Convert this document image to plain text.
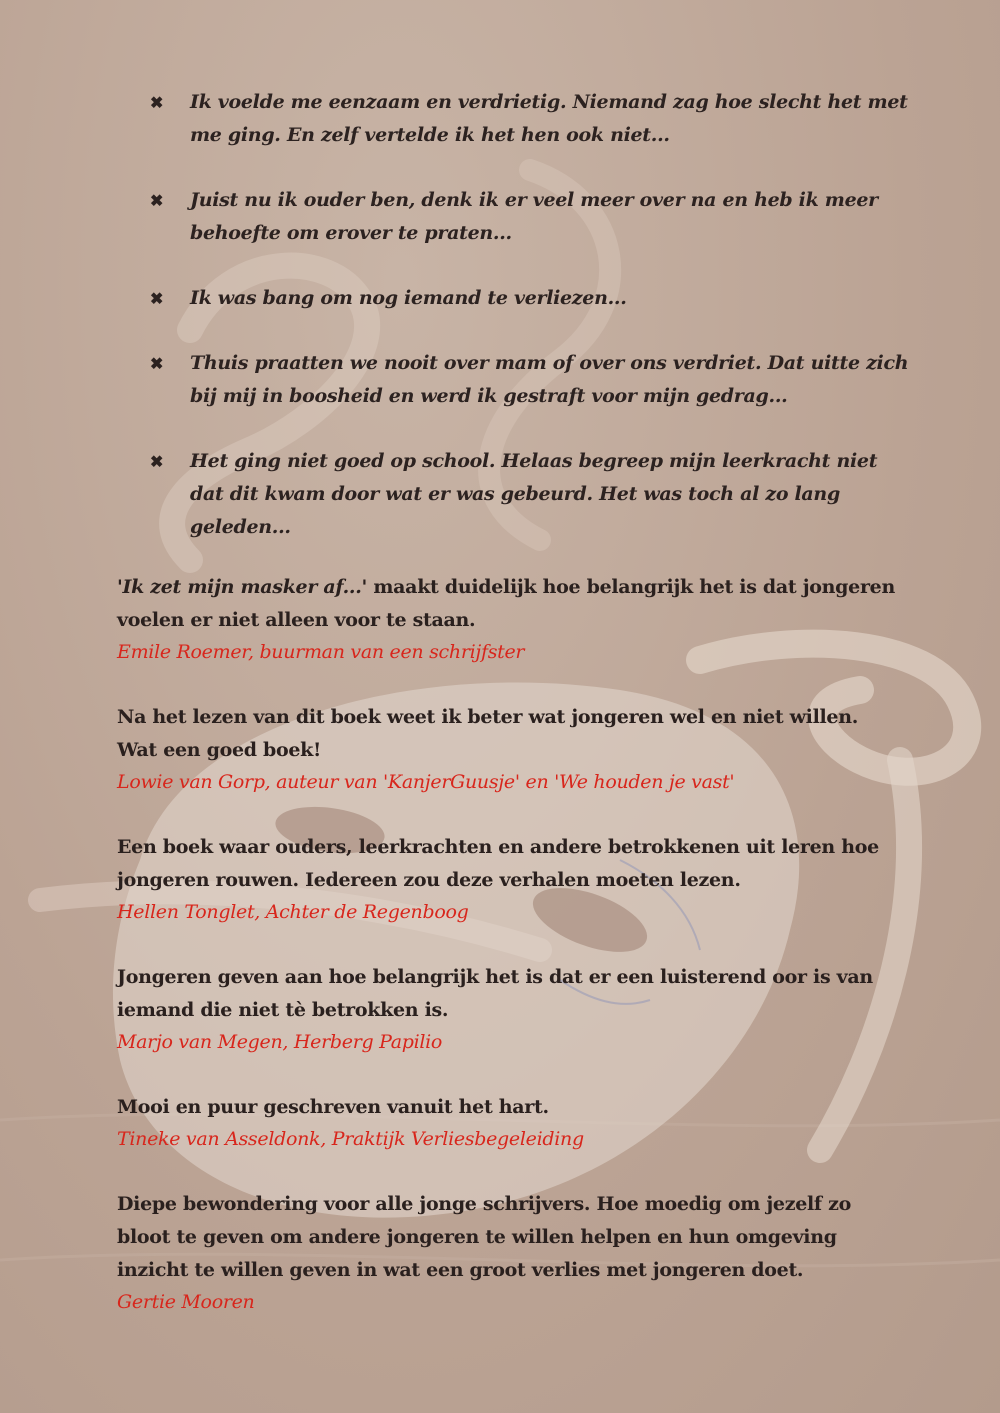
✖ Ik voelde me eenzaam en verdrietig. Niemand zag hoe slecht het met me ging. En zelf vertelde ik het hen ook niet...
✖ Juist nu ik ouder ben, denk ik er veel meer over na en heb ik meer behoefte om erover te praten...
✖ Ik was bang om nog iemand te verliezen...
✖ Thuis praatten we nooit over mam of over ons verdriet. Dat uitte zich bij mij in boosheid en werd ik gestraft voor mijn gedrag...
✖ Het ging niet goed op school. Helaas begreep mijn leerkracht niet dat dit kwam door wat er was gebeurd. Het was toch al zo lang geleden...
'Ik zet mijn masker af...' maakt duidelijk hoe belangrijk het is dat jongeren voelen er niet alleen voor te staan.
Emile Roemer, buurman van een schrijfster
Na het lezen van dit boek weet ik beter wat jongeren wel en niet willen. Wat een goed boek!
Lowie van Gorp, auteur van 'KanjerGuusje' en 'We houden je vast'
Een boek waar ouders, leerkrachten en andere betrokkenen uit leren hoe jongeren rouwen. Iedereen zou deze verhalen moeten lezen.
Hellen Tonglet, Achter de Regenboog
Jongeren geven aan hoe belangrijk het is dat er een luisterend oor is van iemand die niet tè betrokken is.
Marjo van Megen, Herberg Papilio
Mooi en puur geschreven vanuit het hart.
Tineke van Asseldonk, Praktijk Verliesbegeleiding
Diepe bewondering voor alle jonge schrijvers. Hoe moedig om jezelf zo bloot te geven om andere jongeren te willen helpen en hun omgeving inzicht te willen geven in wat een groot verlies met jongeren doet.
Gertie Mooren
